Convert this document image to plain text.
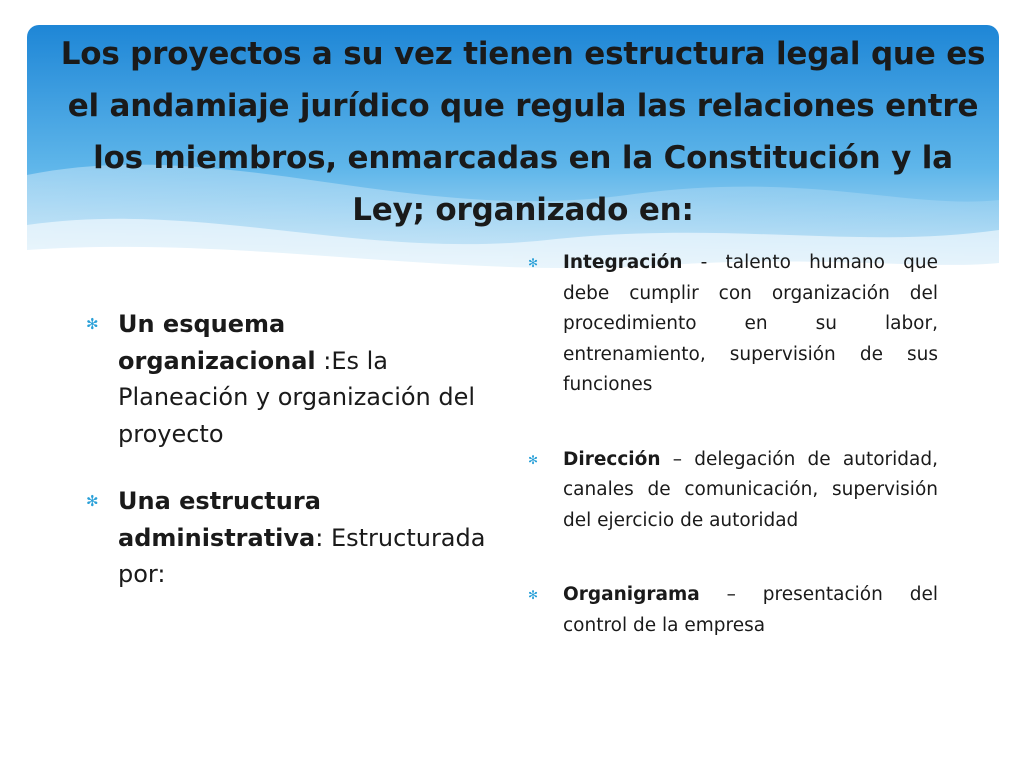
Los proyectos a su vez tienen estructura legal que es el andamiaje jurídico que regula las relaciones entre los miembros, enmarcadas en la Constitución y la Ley; organizado en:
✻ Un esquema organizacional :Es la Planeación y organización del proyecto
✻ Una estructura administrativa: Estructurada por:
✻ Integración - talento humano que debe cumplir con organización del procedimiento en su labor, entrenamiento, supervisión de sus funciones
✻ Dirección – delegación de autoridad, canales de comunicación, supervisión del ejercicio de autoridad
✻ Organigrama – presentación del control de la empresa
